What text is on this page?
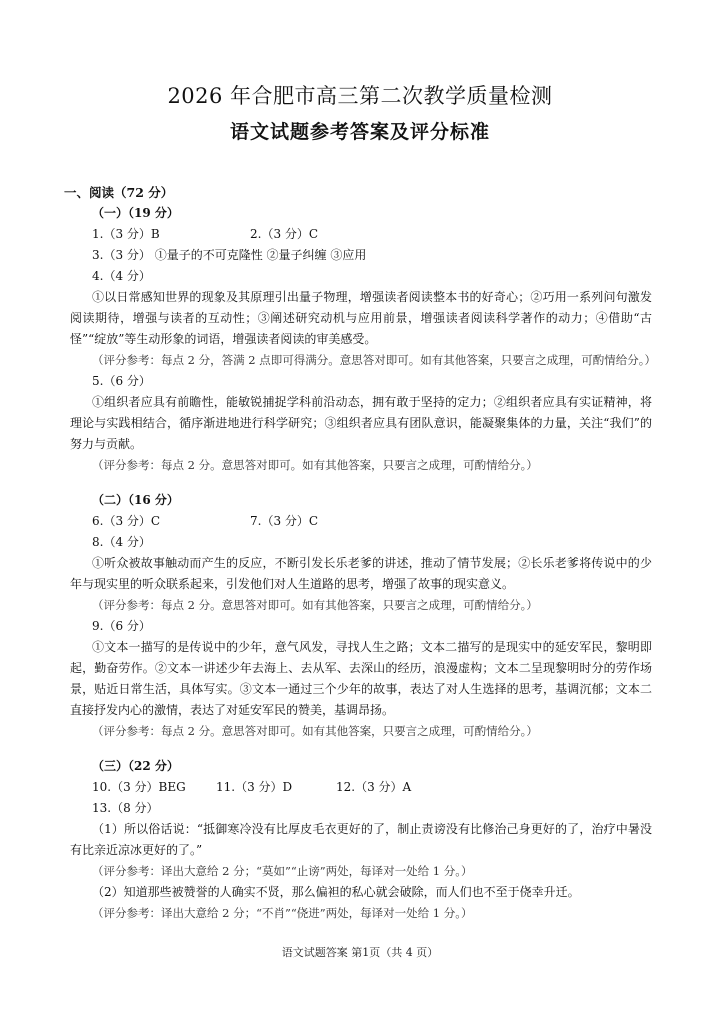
2026 年合肥市高三第二次教学质量检测
语文试题参考答案及评分标准
一、阅读（72 分）
（一）（19 分）
1.（3 分）B	2.（3 分）C
3.（3 分） ①量子的不可克隆性 ②量子纠缠 ③应用
4.（4 分）
①以日常感知世界的现象及其原理引出量子物理，增强读者阅读整本书的好奇心；②巧用一系列问句激发阅读期待，增强与读者的互动性；③阐述研究动机与应用前景，增强读者阅读科学著作的动力；④借助“古怪”“绽放”等生动形象的词语，增强读者阅读的审美感受。
（评分参考：每点 2 分，答满 2 点即可得满分。意思答对即可。如有其他答案，只要言之成理，可酌情给分。）
5.（6 分）
①组织者应具有前瞻性，能敏锐捕捉学科前沿动态，拥有敢于坚持的定力；②组织者应具有实证精神，将理论与实践相结合，循序渐进地进行科学研究；③组织者应具有团队意识，能凝聚集体的力量，关注“我们”的努力与贡献。
（评分参考：每点 2 分。意思答对即可。如有其他答案，只要言之成理，可酌情给分。）
（二）（16 分）
6.（3 分）C	7.（3 分）C
8.（4 分）
①听众被故事触动而产生的反应，不断引发长乐老爹的讲述，推动了情节发展；②长乐老爹将传说中的少年与现实里的听众联系起来，引发他们对人生道路的思考，增强了故事的现实意义。
（评分参考：每点 2 分。意思答对即可。如有其他答案，只要言之成理，可酌情给分。）
9.（6 分）
①文本一描写的是传说中的少年，意气风发，寻找人生之路；文本二描写的是现实中的延安军民，黎明即起，勤奋劳作。②文本一讲述少年去海上、去从军、去深山的经历，浪漫虚构；文本二呈现黎明时分的劳作场景，贴近日常生活，具体写实。③文本一通过三个少年的故事，表达了对人生选择的思考，基调沉郁；文本二直接抒发内心的激情，表达了对延安军民的赞美，基调昂扬。
（评分参考：每点 2 分。意思答对即可。如有其他答案，只要言之成理，可酌情给分。）
（三）（22 分）
10.（3 分）BEG	11.（3 分）D	12.（3 分）A
13.（8 分）
（1）所以俗话说：“抵御寒冷没有比厚皮毛衣更好的了，制止责谤没有比修治己身更好的了，治疗中暑没有比亲近凉冰更好的了。”
（评分参考：译出大意给 2 分；“莫如”“止谤”两处，每译对一处给 1 分。）
（2）知道那些被赞誉的人确实不贤，那么偏袒的私心就会破除，而人们也不至于侥幸升迁。
（评分参考：译出大意给 2 分；“不肖”“侥进”两处，每译对一处给 1 分。）
语文试题答案 第1页（共 4 页）
